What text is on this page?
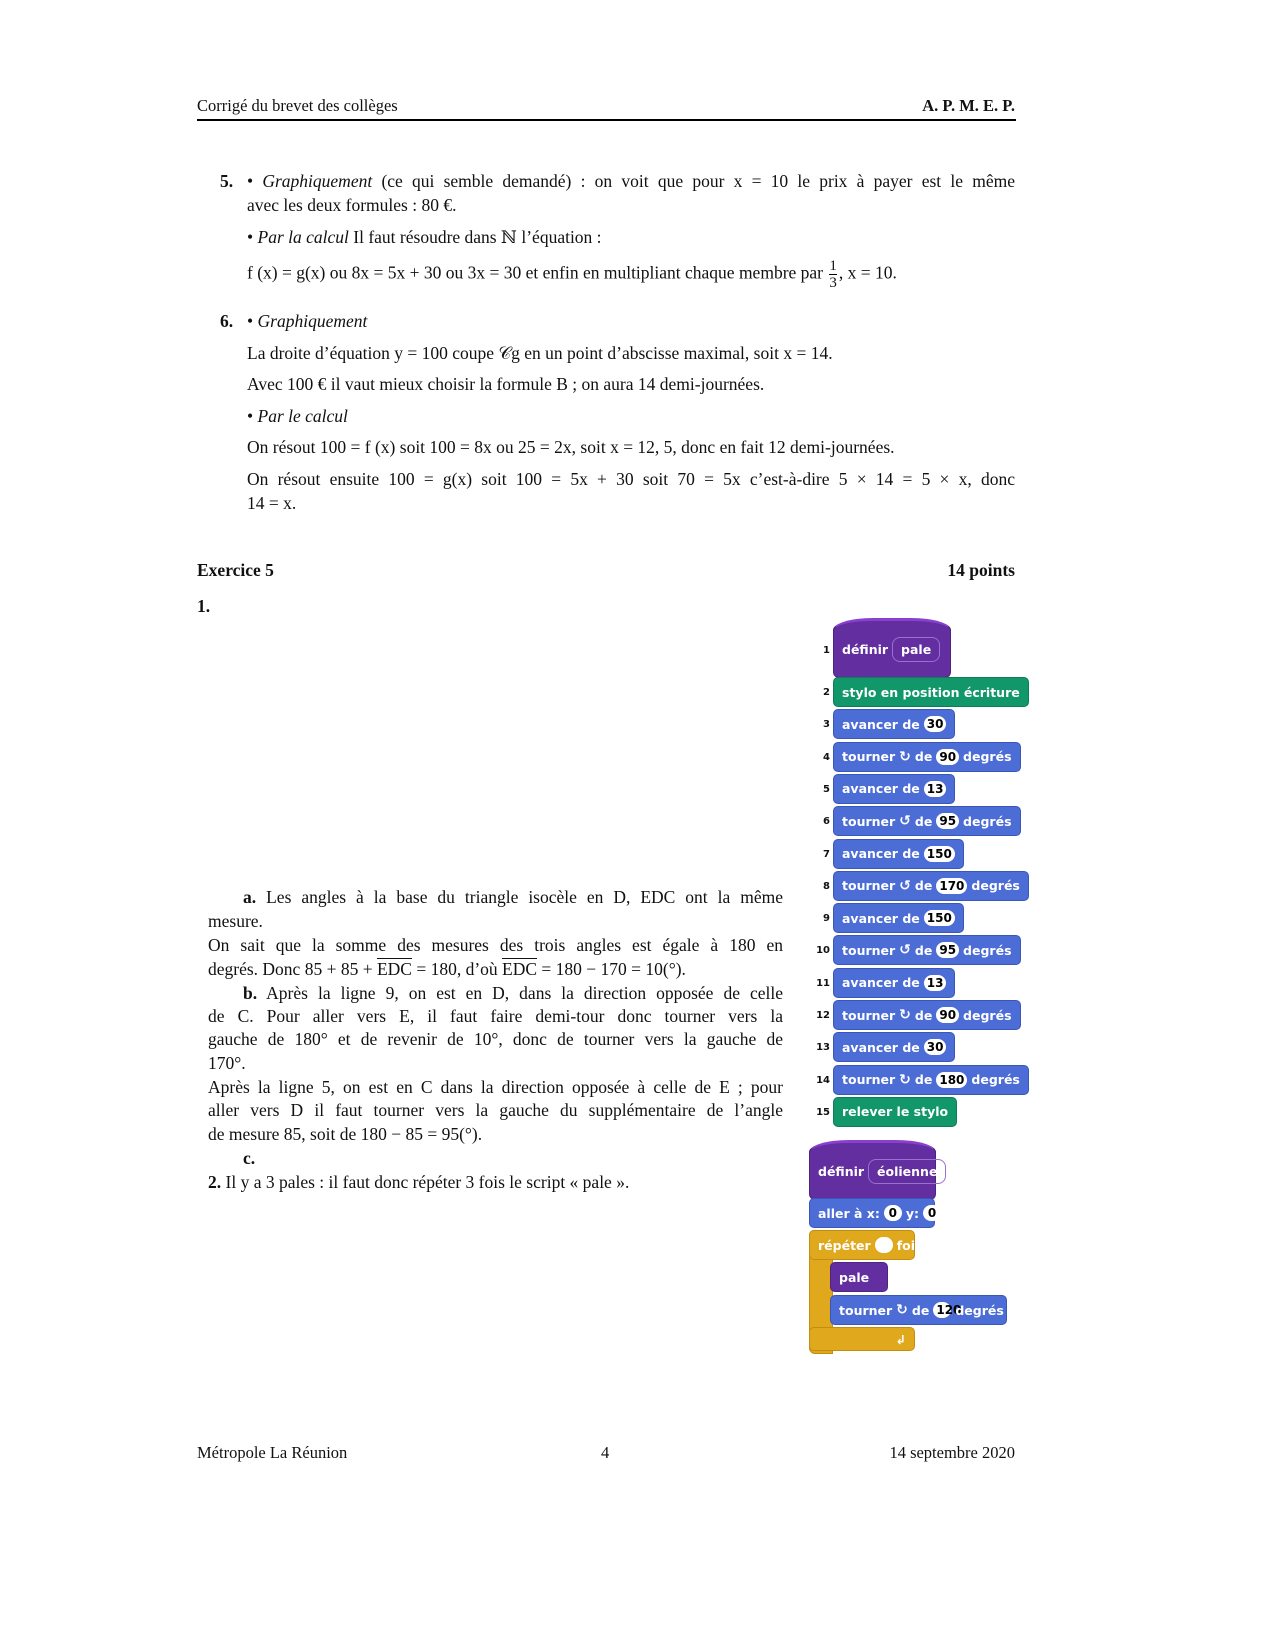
Corrigé du brevet des collèges	A. P. M. E. P.
5. • Graphiquement (ce qui semble demandé) : on voit que pour x = 10 le prix à payer est le même
avec les deux formules : 80 €.
• Par la calcul Il faut résoudre dans ℕ l’équation :
f (x) = g(x) ou 8x = 5x + 30 ou 3x = 30 et enfin en multipliant chaque membre par $\frac{1}{3}$ , x = 10.
6. • Graphiquement
La droite d’équation y = 100 coupe 𝒞g en un point d’abscisse maximal, soit x = 14.
Avec 100 € il vaut mieux choisir la formule B ; on aura 14 demi-journées.
• Par le calcul
On résout 100 = f (x) soit 100 = 8x ou 25 = 2x, soit x = 12, 5, donc en fait 12 demi-journées.
On résout ensuite 100 = g(x) soit 100 = 5x + 30 soit 70 = 5x c’est-à-dire 5 × 14 = 5 × x, donc
14 = x.
Exercice 5	14 points
1.
a. Les angles à la base du triangle isocèle en D, EDC ont la même
mesure.
On sait que la somme des mesures des trois angles est égale à 180 en
degrés. Donc $85 + 85 + \overline{EDC} = 180$, d’où $\overline{EDC} = 180 - 170 = 10(^\circ)$.
b. Après la ligne 9, on est en D, dans la direction opposée de celle
de C. Pour aller vers E, il faut faire demi-tour donc tourner vers la
gauche de 180° et de revenir de 10°, donc de tourner vers la gauche de
170°.
Après la ligne 5, on est en C dans la direction opposée à celle de E ; pour
aller vers D il faut tourner vers la gauche du supplémentaire de l’angle
de mesure 85, soit de 180 − 85 = 95(°).
c.
2. Il y a 3 pales : il faut donc répéter 3 fois le script « pale ».
1 définir	pale
2 stylo en position écriture
3 avancer de 30
4 tourner ↻ de 90 degrés
5 avancer de 13
6 tourner ↺ de 95 degrés
7 avancer de 150
8 tourner ↺ de 170 degrés
9 avancer de 150
10 tourner ↺ de 95 degrés
11 avancer de 13
12 tourner ↻ de 90 degrés
13 avancer de 30
14 tourner ↻ de 180 degrés
15 relever le stylo
définir	éolienne
aller à x: 0 y: 0
répéter fois
pale
tourner ↻ de 120
degrés
↲
Métropole La Réunion	4	14 septembre 2020
